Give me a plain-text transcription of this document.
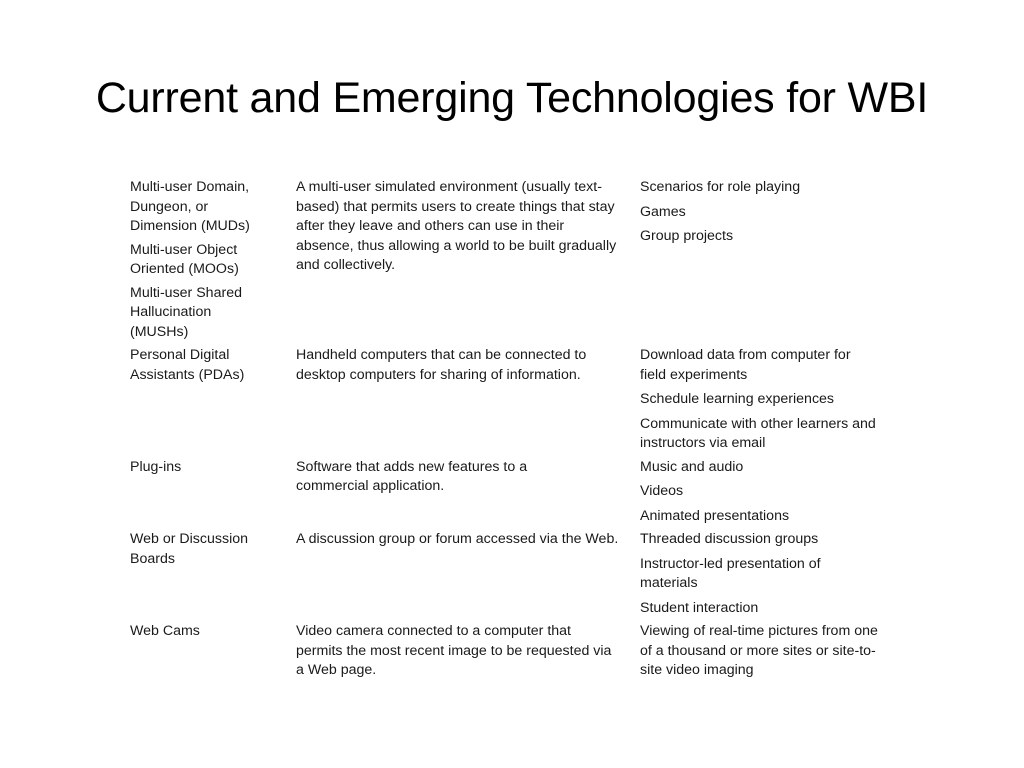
Current and Emerging Technologies for WBI
Multi-user Domain, Dungeon, or Dimension (MUDs)
Multi-user Object Oriented (MOOs)
Multi-user Shared Hallucination (MUSHs)
A multi-user simulated environment (usually text-based) that permits users to create things that stay after they leave and others can use in their absence, thus allowing a world to be built gradually and collectively.
Scenarios for role playing
Games
Group projects
Personal Digital Assistants (PDAs)
Handheld computers that can be connected to desktop computers for sharing of information.
Download data from computer for field experiments
Schedule learning experiences
Communicate with other learners and instructors via email
Plug-ins	Software that adds new features to a commercial application.
Music and audio
Videos
Animated presentations
Web or Discussion Boards
A discussion group or forum accessed via the Web. Threaded discussion groups
Instructor-led presentation of materials
Student interaction
Web Cams	Video camera connected to a computer that permits the most recent image to be requested via a Web page.
Viewing of real-time pictures from one of a thousand or more sites or site-to-site video imaging
